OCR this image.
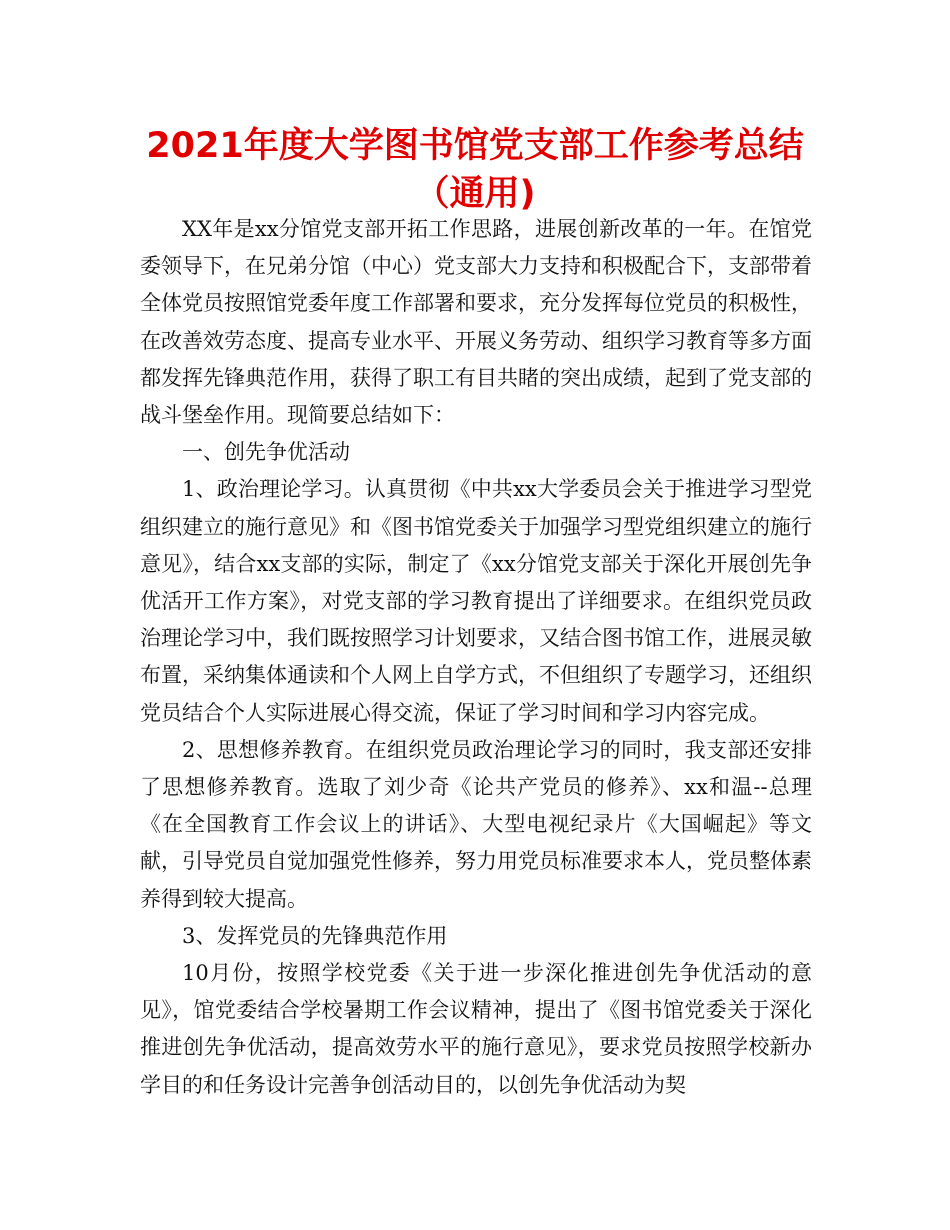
2021年度大学图书馆党支部工作参考总结（通用)

XX年是xx分馆党支部开拓工作思路，进展创新改革的一年。在馆党委领导下，在兄弟分馆（中心）党支部大力支持和积极配合下，支部带着全体党员按照馆党委年度工作部署和要求，充分发挥每位党员的积极性，在改善效劳态度、提高专业水平、开展义务劳动、组织学习教育等多方面都发挥先锋典范作用，获得了职工有目共睹的突出成绩，起到了党支部的战斗堡垒作用。现简要总结如下：

一、创先争优活动

1、政治理论学习。认真贯彻《中共xx大学委员会关于推进学习型党组织建立的施行意见》和《图书馆党委关于加强学习型党组织建立的施行意见》，结合xx支部的实际，制定了《xx分馆党支部关于深化开展创先争优活开工作方案》，对党支部的学习教育提出了详细要求。在组织党员政治理论学习中，我们既按照学习计划要求，又结合图书馆工作，进展灵敏布置，采纳集体通读和个人网上自学方式，不但组织了专题学习，还组织党员结合个人实际进展心得交流，保证了学习时间和学习内容完成。

2、思想修养教育。在组织党员政治理论学习的同时，我支部还安排了思想修养教育。选取了刘少奇《论共产党员的修养》、xx和温--总理《在全国教育工作会议上的讲话》、大型电视纪录片《大国崛起》等文献，引导党员自觉加强党性修养，努力用党员标准要求本人，党员整体素养得到较大提高。

3、发挥党员的先锋典范作用

10月份，按照学校党委《关于进一步深化推进创先争优活动的意见》，馆党委结合学校暑期工作会议精神，提出了《图书馆党委关于深化推进创先争优活动，提高效劳水平的施行意见》，要求党员按照学校新办学目的和任务设计完善争创活动目的，以创先争优活动为契
